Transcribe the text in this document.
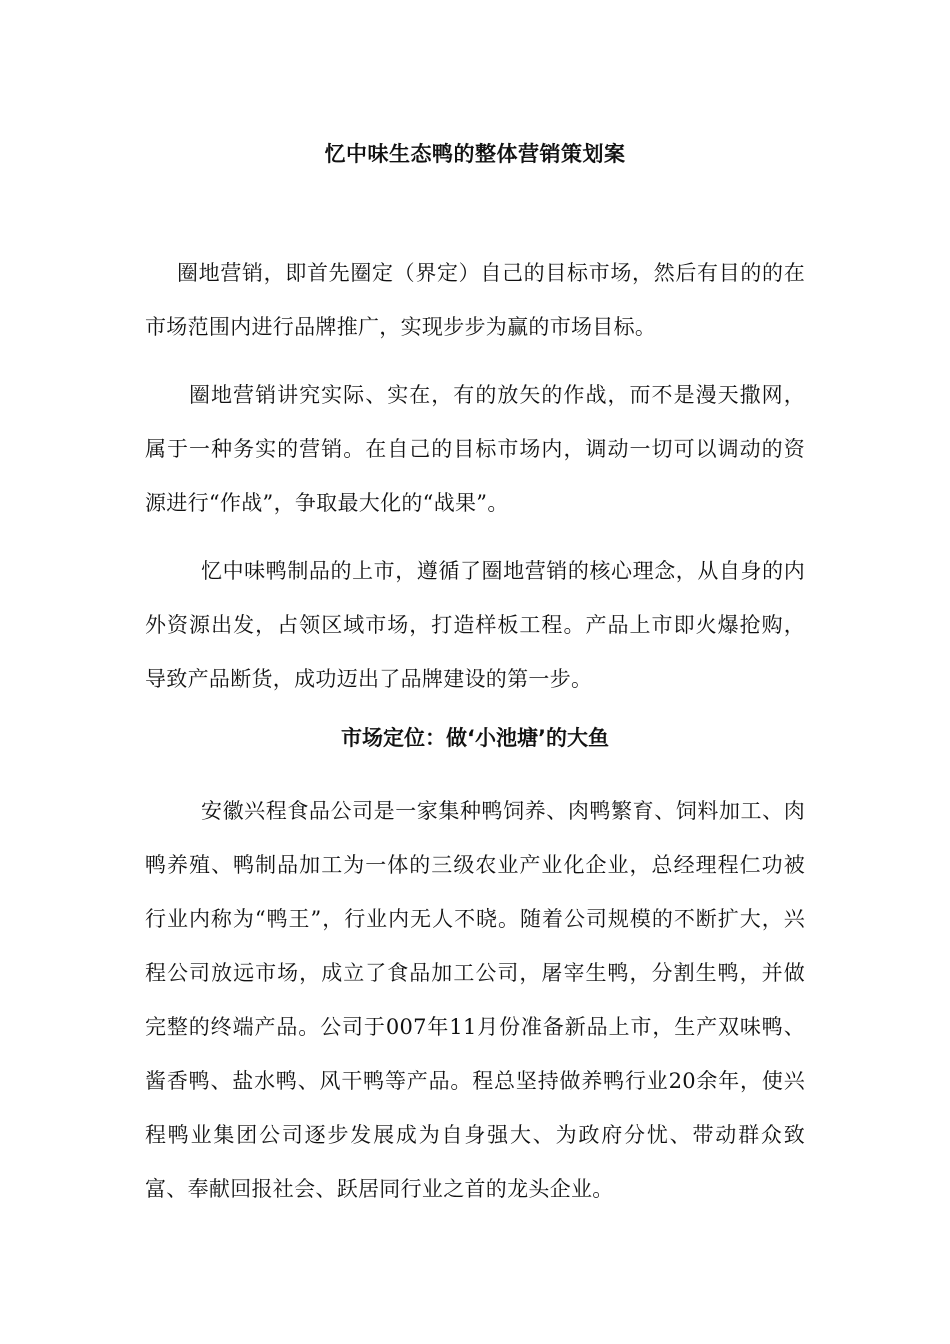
忆中味生态鸭的整体营销策划案

圈地营销，即首先圈定（界定）自己的目标市场，然后有目的的在市场范围内进行品牌推广，实现步步为赢的市场目标。

圈地营销讲究实际、实在，有的放矢的作战，而不是漫天撒网，属于一种务实的营销。在自己的目标市场内，调动一切可以调动的资源进行“作战”，争取最大化的“战果”。

忆中味鸭制品的上市，遵循了圈地营销的核心理念，从自身的内外资源出发，占领区域市场，打造样板工程。产品上市即火爆抢购，导致产品断货，成功迈出了品牌建设的第一步。

市场定位：做‘小池塘’的大鱼

安徽兴程食品公司是一家集种鸭饲养、肉鸭繁育、饲料加工、肉鸭养殖、鸭制品加工为一体的三级农业产业化企业，总经理程仁功被行业内称为“鸭王”，行业内无人不晓。随着公司规模的不断扩大，兴程公司放远市场，成立了食品加工公司，屠宰生鸭，分割生鸭，并做完整的终端产品。公司于007年11月份准备新品上市，生产双味鸭、酱香鸭、盐水鸭、风干鸭等产品。程总坚持做养鸭行业20余年，使兴程鸭业集团公司逐步发展成为自身强大、为政府分忧、带动群众致富、奉献回报社会、跃居同行业之首的龙头企业。
